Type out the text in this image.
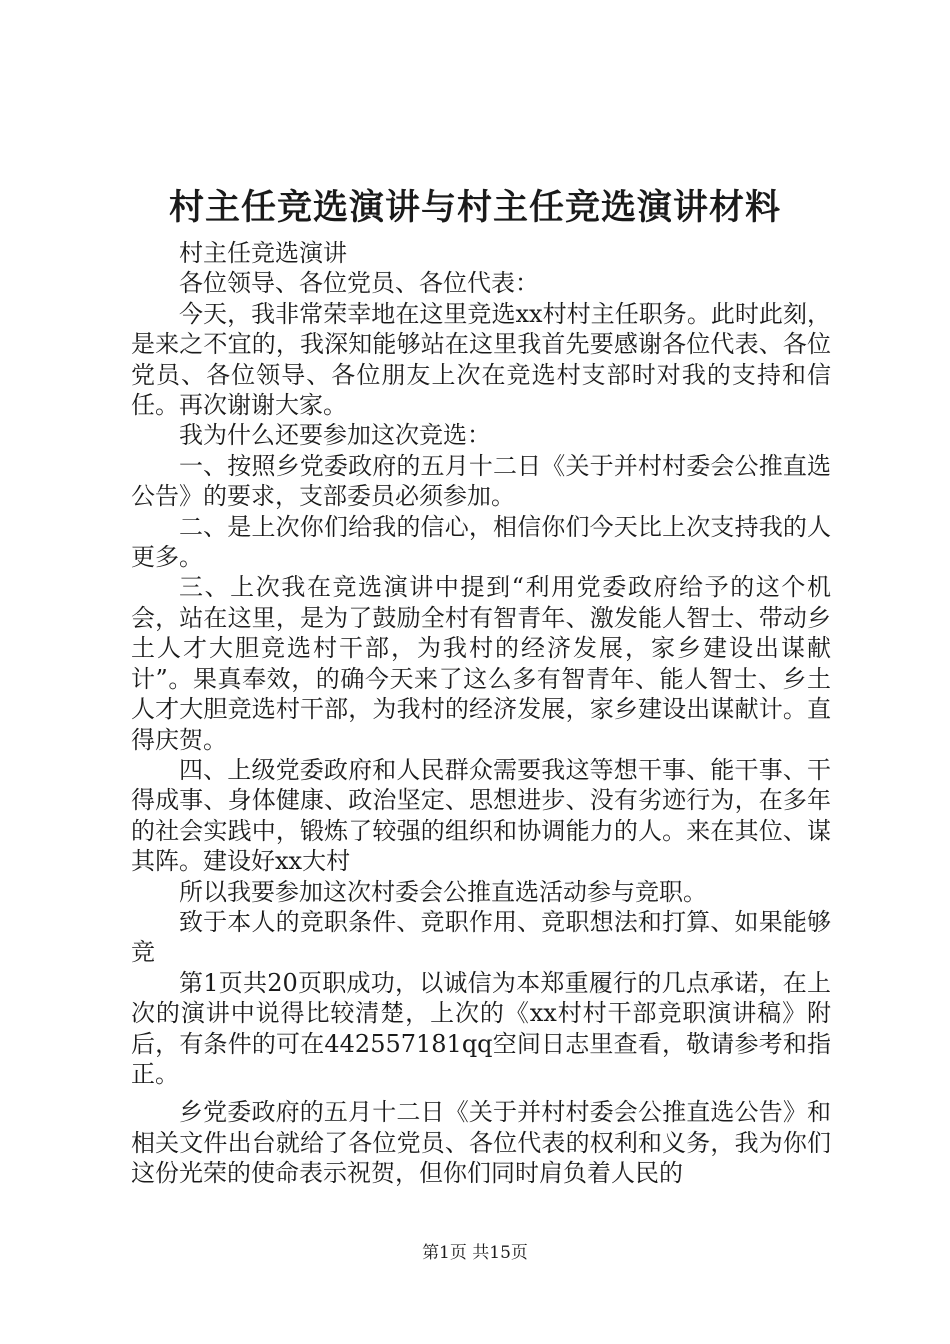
村主任竞选演讲与村主任竞选演讲材料

村主任竞选演讲

各位领导、各位党员、各位代表：

今天，我非常荣幸地在这里竞选xx村村主任职务。此时此刻，是来之不宜的，我深知能够站在这里我首先要感谢各位代表、各位党员、各位领导、各位朋友上次在竞选村支部时对我的支持和信任。再次谢谢大家。

我为什么还要参加这次竞选：

一、按照乡党委政府的五月十二日《关于并村村委会公推直选公告》的要求，支部委员必须参加。

二、是上次你们给我的信心，相信你们今天比上次支持我的人更多。

三、上次我在竞选演讲中提到“利用党委政府给予的这个机会，站在这里，是为了鼓励全村有智青年、激发能人智士、带动乡土人才大胆竞选村干部，为我村的经济发展，家乡建设出谋献计”。果真奉效，的确今天来了这么多有智青年、能人智士、乡土人才大胆竞选村干部，为我村的经济发展，家乡建设出谋献计。直得庆贺。

四、上级党委政府和人民群众需要我这等想干事、能干事、干得成事、身体健康、政治坚定、思想进步、没有劣迹行为，在多年的社会实践中，锻炼了较强的组织和协调能力的人。来在其位、谋其阵。建设好xx大村

所以我要参加这次村委会公推直选活动参与竞职。

致于本人的竞职条件、竞职作用、竞职想法和打算、如果能够竞

第1页共20页职成功，以诚信为本郑重履行的几点承诺，在上次的演讲中说得比较清楚，上次的《xx村村干部竞职演讲稿》附后，有条件的可在442557181qq空间日志里查看，敬请参考和指正。

乡党委政府的五月十二日《关于并村村委会公推直选公告》和相关文件出台就给了各位党员、各位代表的权利和义务，我为你们这份光荣的使命表示祝贺，但你们同时肩负着人民的

第1页 共15页
